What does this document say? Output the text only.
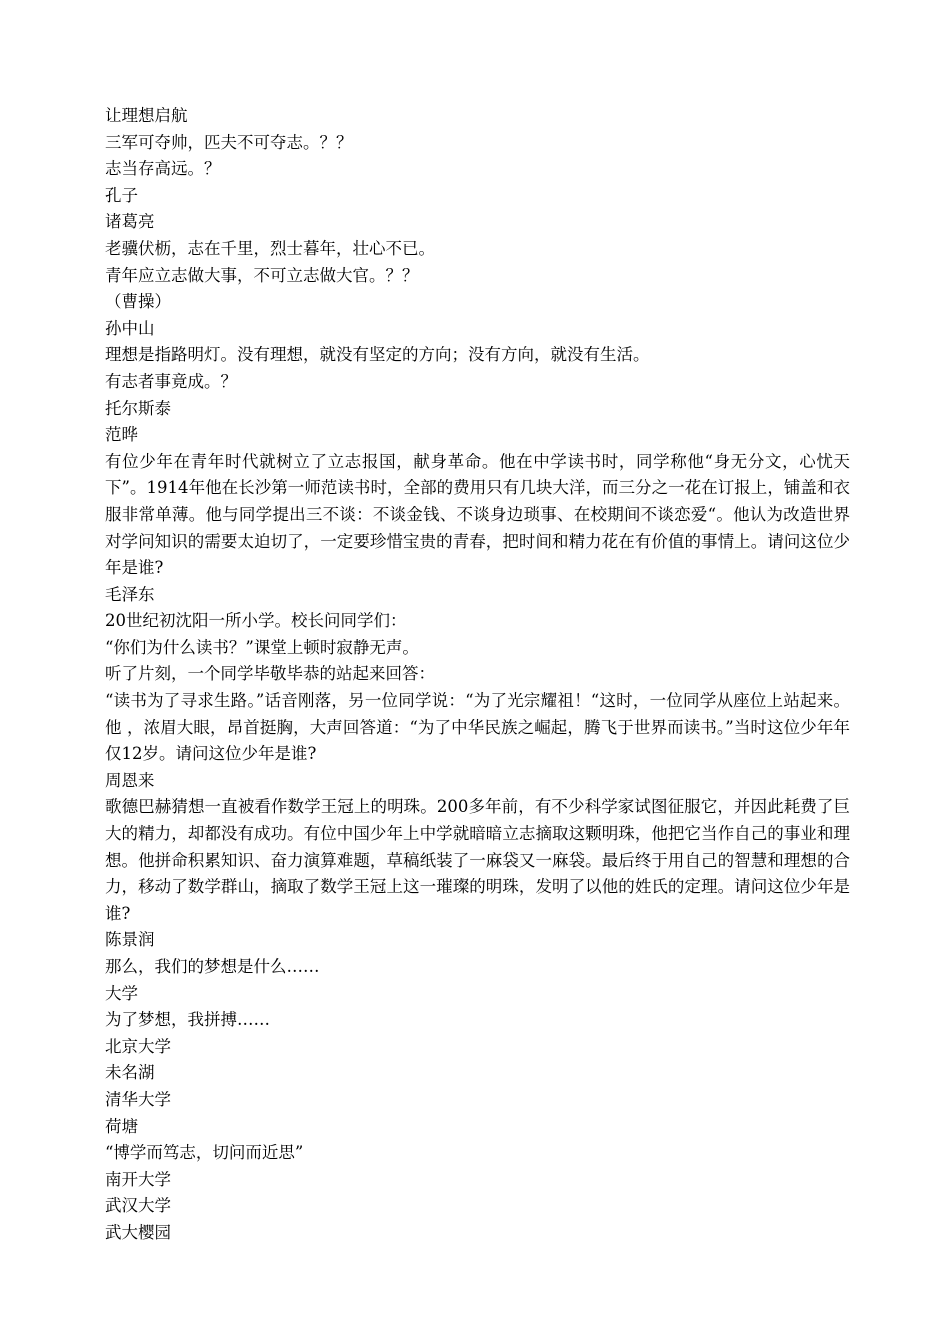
让理想启航
三军可夺帅，匹夫不可夺志。？？
志当存高远。？
孔子
诸葛亮
老骥伏枥，志在千里，烈士暮年，壮心不已。
青年应立志做大事，不可立志做大官。？？
（曹操）
孙中山
理想是指路明灯。没有理想，就没有坚定的方向；没有方向，就没有生活。
有志者事竟成。？
托尔斯泰
范晔

有位少年在青年时代就树立了立志报国，献身革命。他在中学读书时，同学称他“身无分文，心忧天下”。1914年他在长沙第一师范读书时，全部的费用只有几块大洋，而三分之一花在订报上，铺盖和衣服非常单薄。他与同学提出三不谈：不谈金钱、不谈身边琐事、在校期间不谈恋爱“。他认为改造世界对学问知识的需要太迫切了，一定要珍惜宝贵的青春，把时间和精力花在有价值的事情上。请问这位少年是谁?

毛泽东
20世纪初沈阳一所小学。校长问同学们：
“你们为什么读书？”课堂上顿时寂静无声。
听了片刻，一个同学毕敬毕恭的站起来回答：

“读书为了寻求生路。”话音刚落，另一位同学说：“为了光宗耀祖！“这时，一位同学从座位上站起来。他 ，浓眉大眼，昂首挺胸，大声回答道：“为了中华民族之崛起，腾飞于世界而读书。”当时这位少年年仅12岁。请问这位少年是谁?

周恩来

歌德巴赫猜想一直被看作数学王冠上的明珠。200多年前，有不少科学家试图征服它，并因此耗费了巨大的精力，却都没有成功。有位中国少年上中学就暗暗立志摘取这颗明珠，他把它当作自己的事业和理想。他拼命积累知识、奋力演算难题，草稿纸装了一麻袋又一麻袋。最后终于用自己的智慧和理想的合力，移动了数学群山，摘取了数学王冠上这一璀璨的明珠，发明了以他的姓氏的定理。请问这位少年是谁?

陈景润
那么，我们的梦想是什么……
大学
为了梦想，我拼搏……
北京大学
未名湖
清华大学
荷塘
“博学而笃志，切问而近思”
南开大学
武汉大学
武大樱园
